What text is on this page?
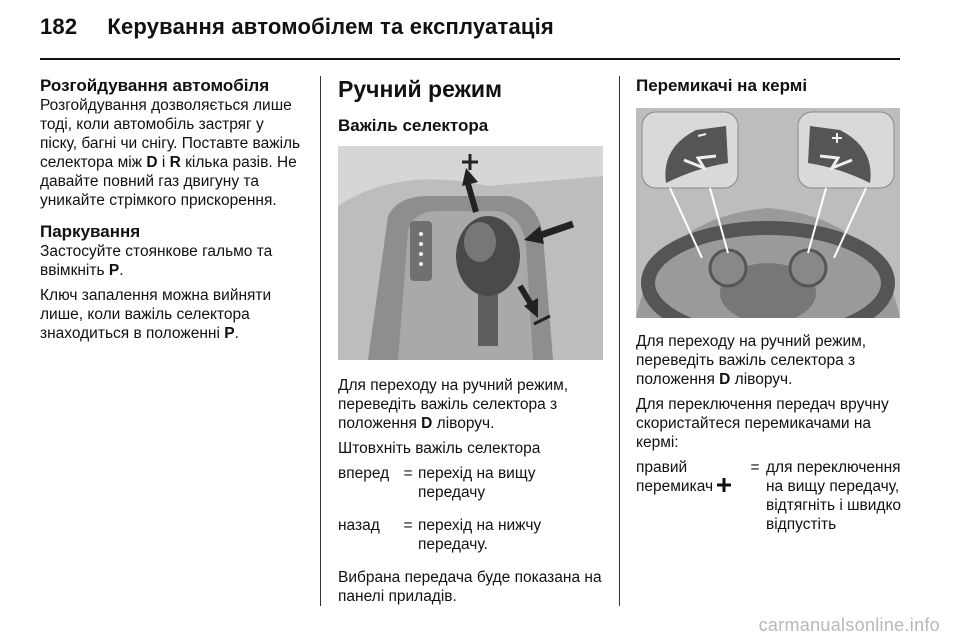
182 Керування автомобілем та експлуатація
Розгойдування автомобіля

Розгойдування дозволяється лише тоді, коли автомобіль застряг у піску, багні чи снігу. Поставте важіль селектора між D і R кілька разів. Не давайте повний газ двигуну та уникайте стрімкого прискорення.

Паркування

Застосуйте стоянкове гальмо та ввімкніть P.

Ключ запалення можна вийняти лише, коли важіль селектора знаходиться в положенні P.

Ручний режим
Важіль селектора

Для переходу на ручний режим, переведіть важіль селектора з положення D ліворуч.

Штовхніть важіль селектора

вперед = перехід на вищу передачу
назад	= перехід на нижчу передачу.

Вибрана передача буде показана на панелі приладів.

Перемикачі на кермі

Для переходу на ручний режим, переведіть важіль селектора з положення D ліворуч.

Для переключення передач вручну скористайтеся перемикачами на кермі:

правий перемикач
= для переключення на вищу передачу, відтягніть і швидко відпустіть
carmanualsonline.info
